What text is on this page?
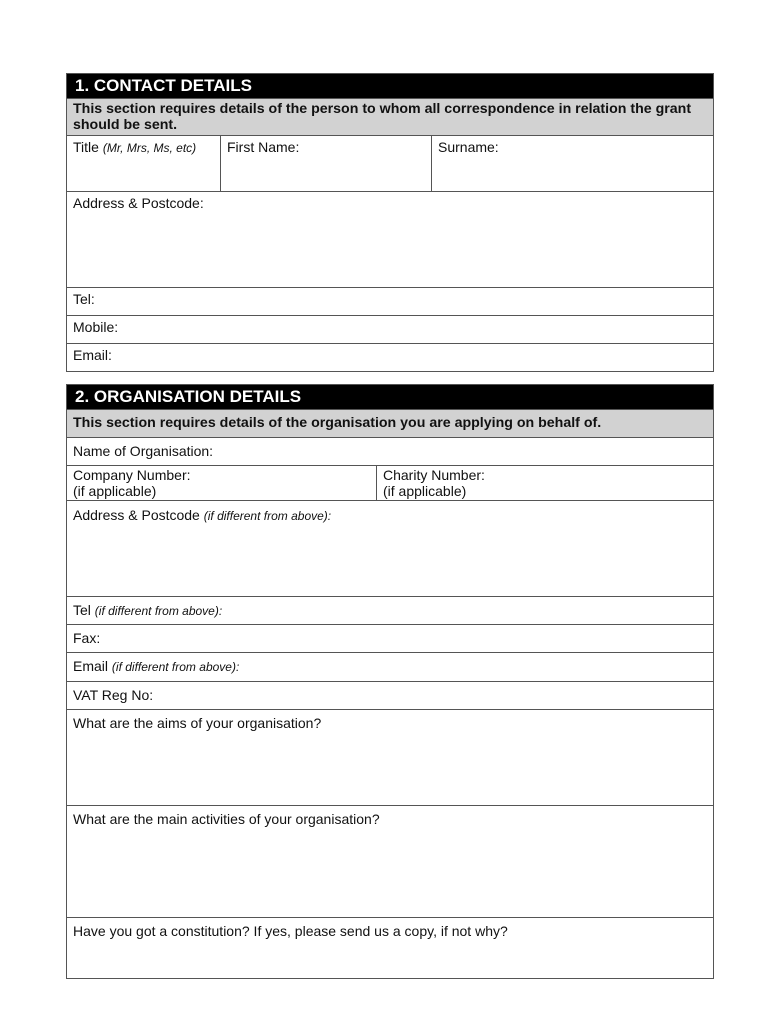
1. CONTACT DETAILS
This section requires details of the person to whom all correspondence in relation the grant should be sent.
Title (Mr, Mrs, Ms, etc)	First Name:	Surname:
Address & Postcode:
Tel:
Mobile:
Email:
2. ORGANISATION DETAILS
This section requires details of the organisation you are applying on behalf of.
Name of Organisation:
Company Number:
(if applicable)
Charity Number:
(if applicable)
Address & Postcode (if different from above):
Tel (if different from above):
Fax:
Email (if different from above):
VAT Reg No:
What are the aims of your organisation?
What are the main activities of your organisation?
Have you got a constitution? If yes, please send us a copy, if not why?
